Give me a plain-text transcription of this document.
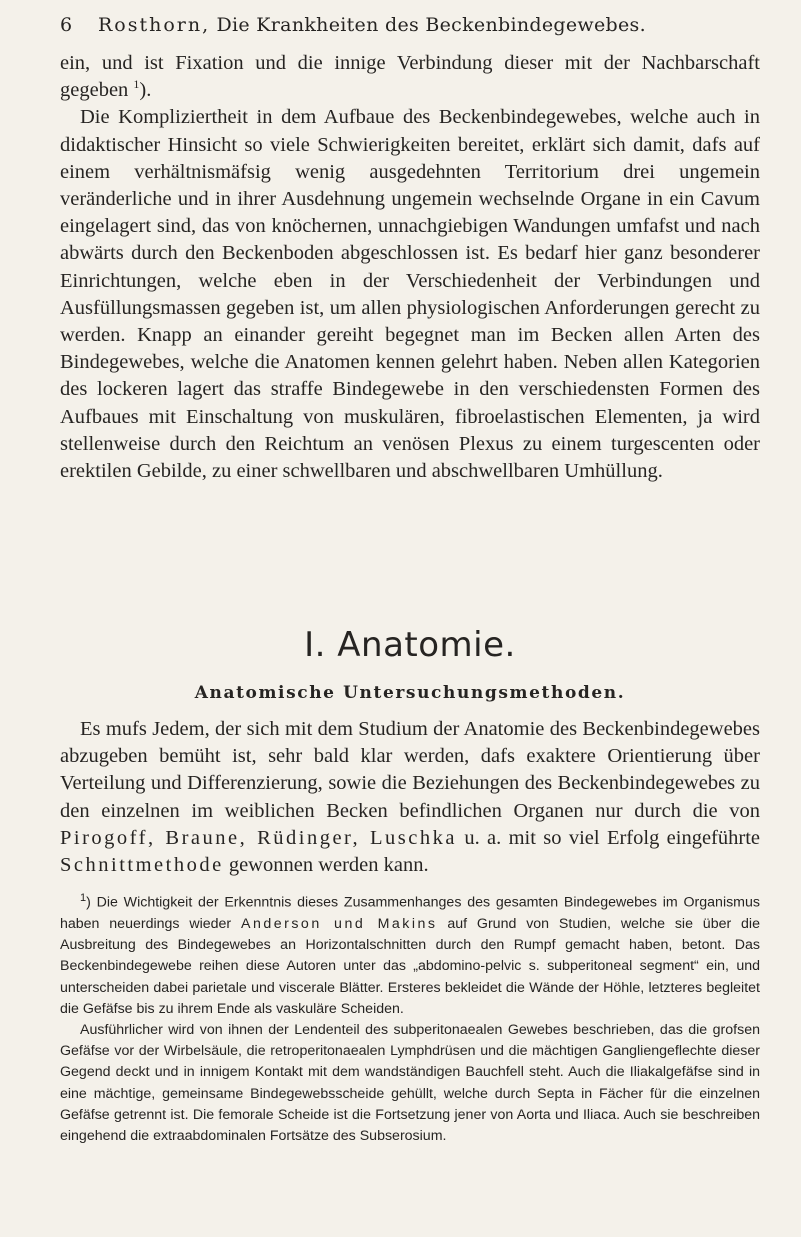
6 Rosthorn, Die Krankheiten des Beckenbindegewebes.

ein, und ist Fixation und die innige Verbindung dieser mit der Nachbarschaft gegeben $^1$).

Die Kompliziertheit in dem Aufbaue des Beckenbindegewebes, welche auch in didaktischer Hinsicht so viele Schwierigkeiten bereitet, erklärt sich damit, dafs auf einem verhältnismäfsig wenig ausgedehnten Territorium drei ungemein veränderliche und in ihrer Ausdehnung ungemein wechselnde Organe in ein Cavum eingelagert sind, das von knöchernen, unnachgiebigen Wandungen umfafst und nach abwärts durch den Beckenboden abgeschlossen ist. Es bedarf hier ganz besonderer Einrichtungen, welche eben in der Verschiedenheit der Verbindungen und Ausfüllungsmassen gegeben ist, um allen physiologischen Anforderungen gerecht zu werden. Knapp an einander gereiht begegnet man im Becken allen Arten des Bindegewebes, welche die Anatomen kennen gelehrt haben. Neben allen Kategorien des lockeren lagert das straffe Bindegewebe in den verschiedensten Formen des Aufbaues mit Einschaltung von muskulären, fibroelastischen Elementen, ja wird stellenweise durch den Reichtum an venösen Plexus zu einem turgescenten oder erektilen Gebilde, zu einer schwellbaren und abschwellbaren Umhüllung.

I. Anatomie.
Anatomische Untersuchungsmethoden.

Es mufs Jedem, der sich mit dem Studium der Anatomie des Beckenbindegewebes abzugeben bemüht ist, sehr bald klar werden, dafs exaktere Orientierung über Verteilung und Differenzierung, sowie die Beziehungen des Beckenbindegewebes zu den einzelnen im weiblichen Becken befindlichen Organen nur durch die von Pirogoff, Braune, Rüdinger, Luschka u. a. mit so viel Erfolg eingeführte Schnittmethode gewonnen werden kann.

$^1$) Die Wichtigkeit der Erkenntnis dieses Zusammenhanges des gesamten Bindegewebes im Organismus haben neuerdings wieder Anderson und Makins auf Grund von Studien, welche sie über die Ausbreitung des Bindegewebes an Horizontalschnitten durch den Rumpf gemacht haben, betont. Das Beckenbindegewebe reihen diese Autoren unter das „abdomino-pelvic s. subperitoneal segment“ ein, und unterscheiden dabei parietale und viscerale Blätter. Ersteres bekleidet die Wände der Höhle, letzteres begleitet die Gefäfse bis zu ihrem Ende als vaskuläre Scheiden.

Ausführlicher wird von ihnen der Lendenteil des subperitonaealen Gewebes beschrieben, das die grofsen Gefäfse vor der Wirbelsäule, die retroperitonaealen Lymphdrüsen und die mächtigen Gangliengeflechte dieser Gegend deckt und in innigem Kontakt mit dem wandständigen Bauchfell steht. Auch die Iliakalgefäfse sind in eine mächtige, gemeinsame Bindegewebsscheide gehüllt, welche durch Septa in Fächer für die einzelnen Gefäfse getrennt ist. Die femorale Scheide ist die Fortsetzung jener von Aorta und Iliaca. Auch sie beschreiben eingehend die extraabdominalen Fortsätze des Subserosium.
